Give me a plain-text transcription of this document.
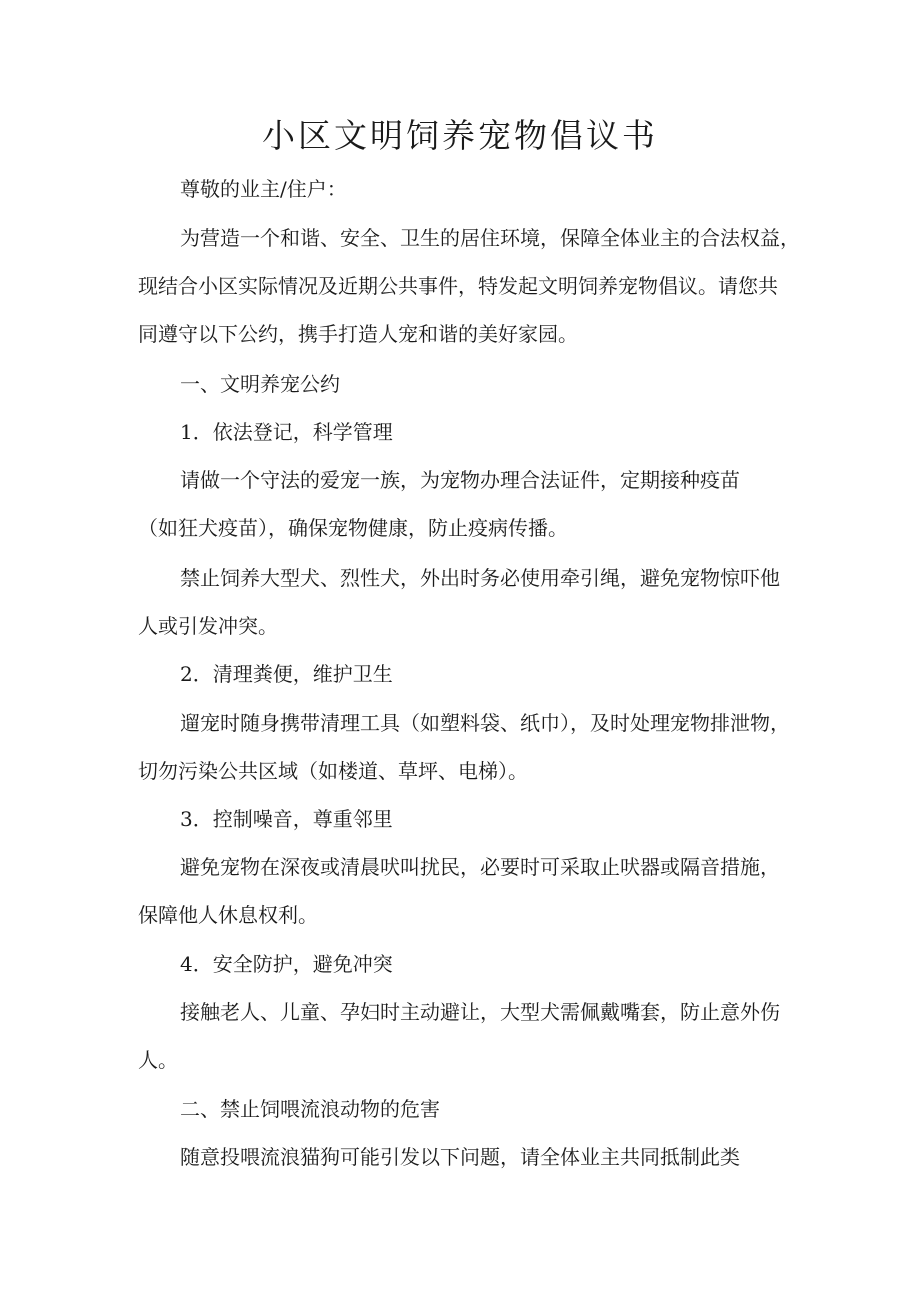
小区文明饲养宠物倡议书

尊敬的业主/住户：

为营造一个和谐、安全、卫生的居住环境，保障全体业主的合法权益，

现结合小区实际情况及近期公共事件，特发起文明饲养宠物倡议。请您共

同遵守以下公约，携手打造人宠和谐的美好家园。

一、文明养宠公约

1．依法登记，科学管理

请做一个守法的爱宠一族，为宠物办理合法证件，定期接种疫苗

（如狂犬疫苗），确保宠物健康，防止疫病传播。

禁止饲养大型犬、烈性犬，外出时务必使用牵引绳，避免宠物惊吓他

人或引发冲突。

2．清理粪便，维护卫生

遛宠时随身携带清理工具（如塑料袋、纸巾），及时处理宠物排泄物，

切勿污染公共区域（如楼道、草坪、电梯）。

3．控制噪音，尊重邻里

避免宠物在深夜或清晨吠叫扰民，必要时可采取止吠器或隔音措施，

保障他人休息权利。

4．安全防护，避免冲突

接触老人、儿童、孕妇时主动避让，大型犬需佩戴嘴套，防止意外伤

人。

二、禁止饲喂流浪动物的危害

随意投喂流浪猫狗可能引发以下问题，请全体业主共同抵制此类
